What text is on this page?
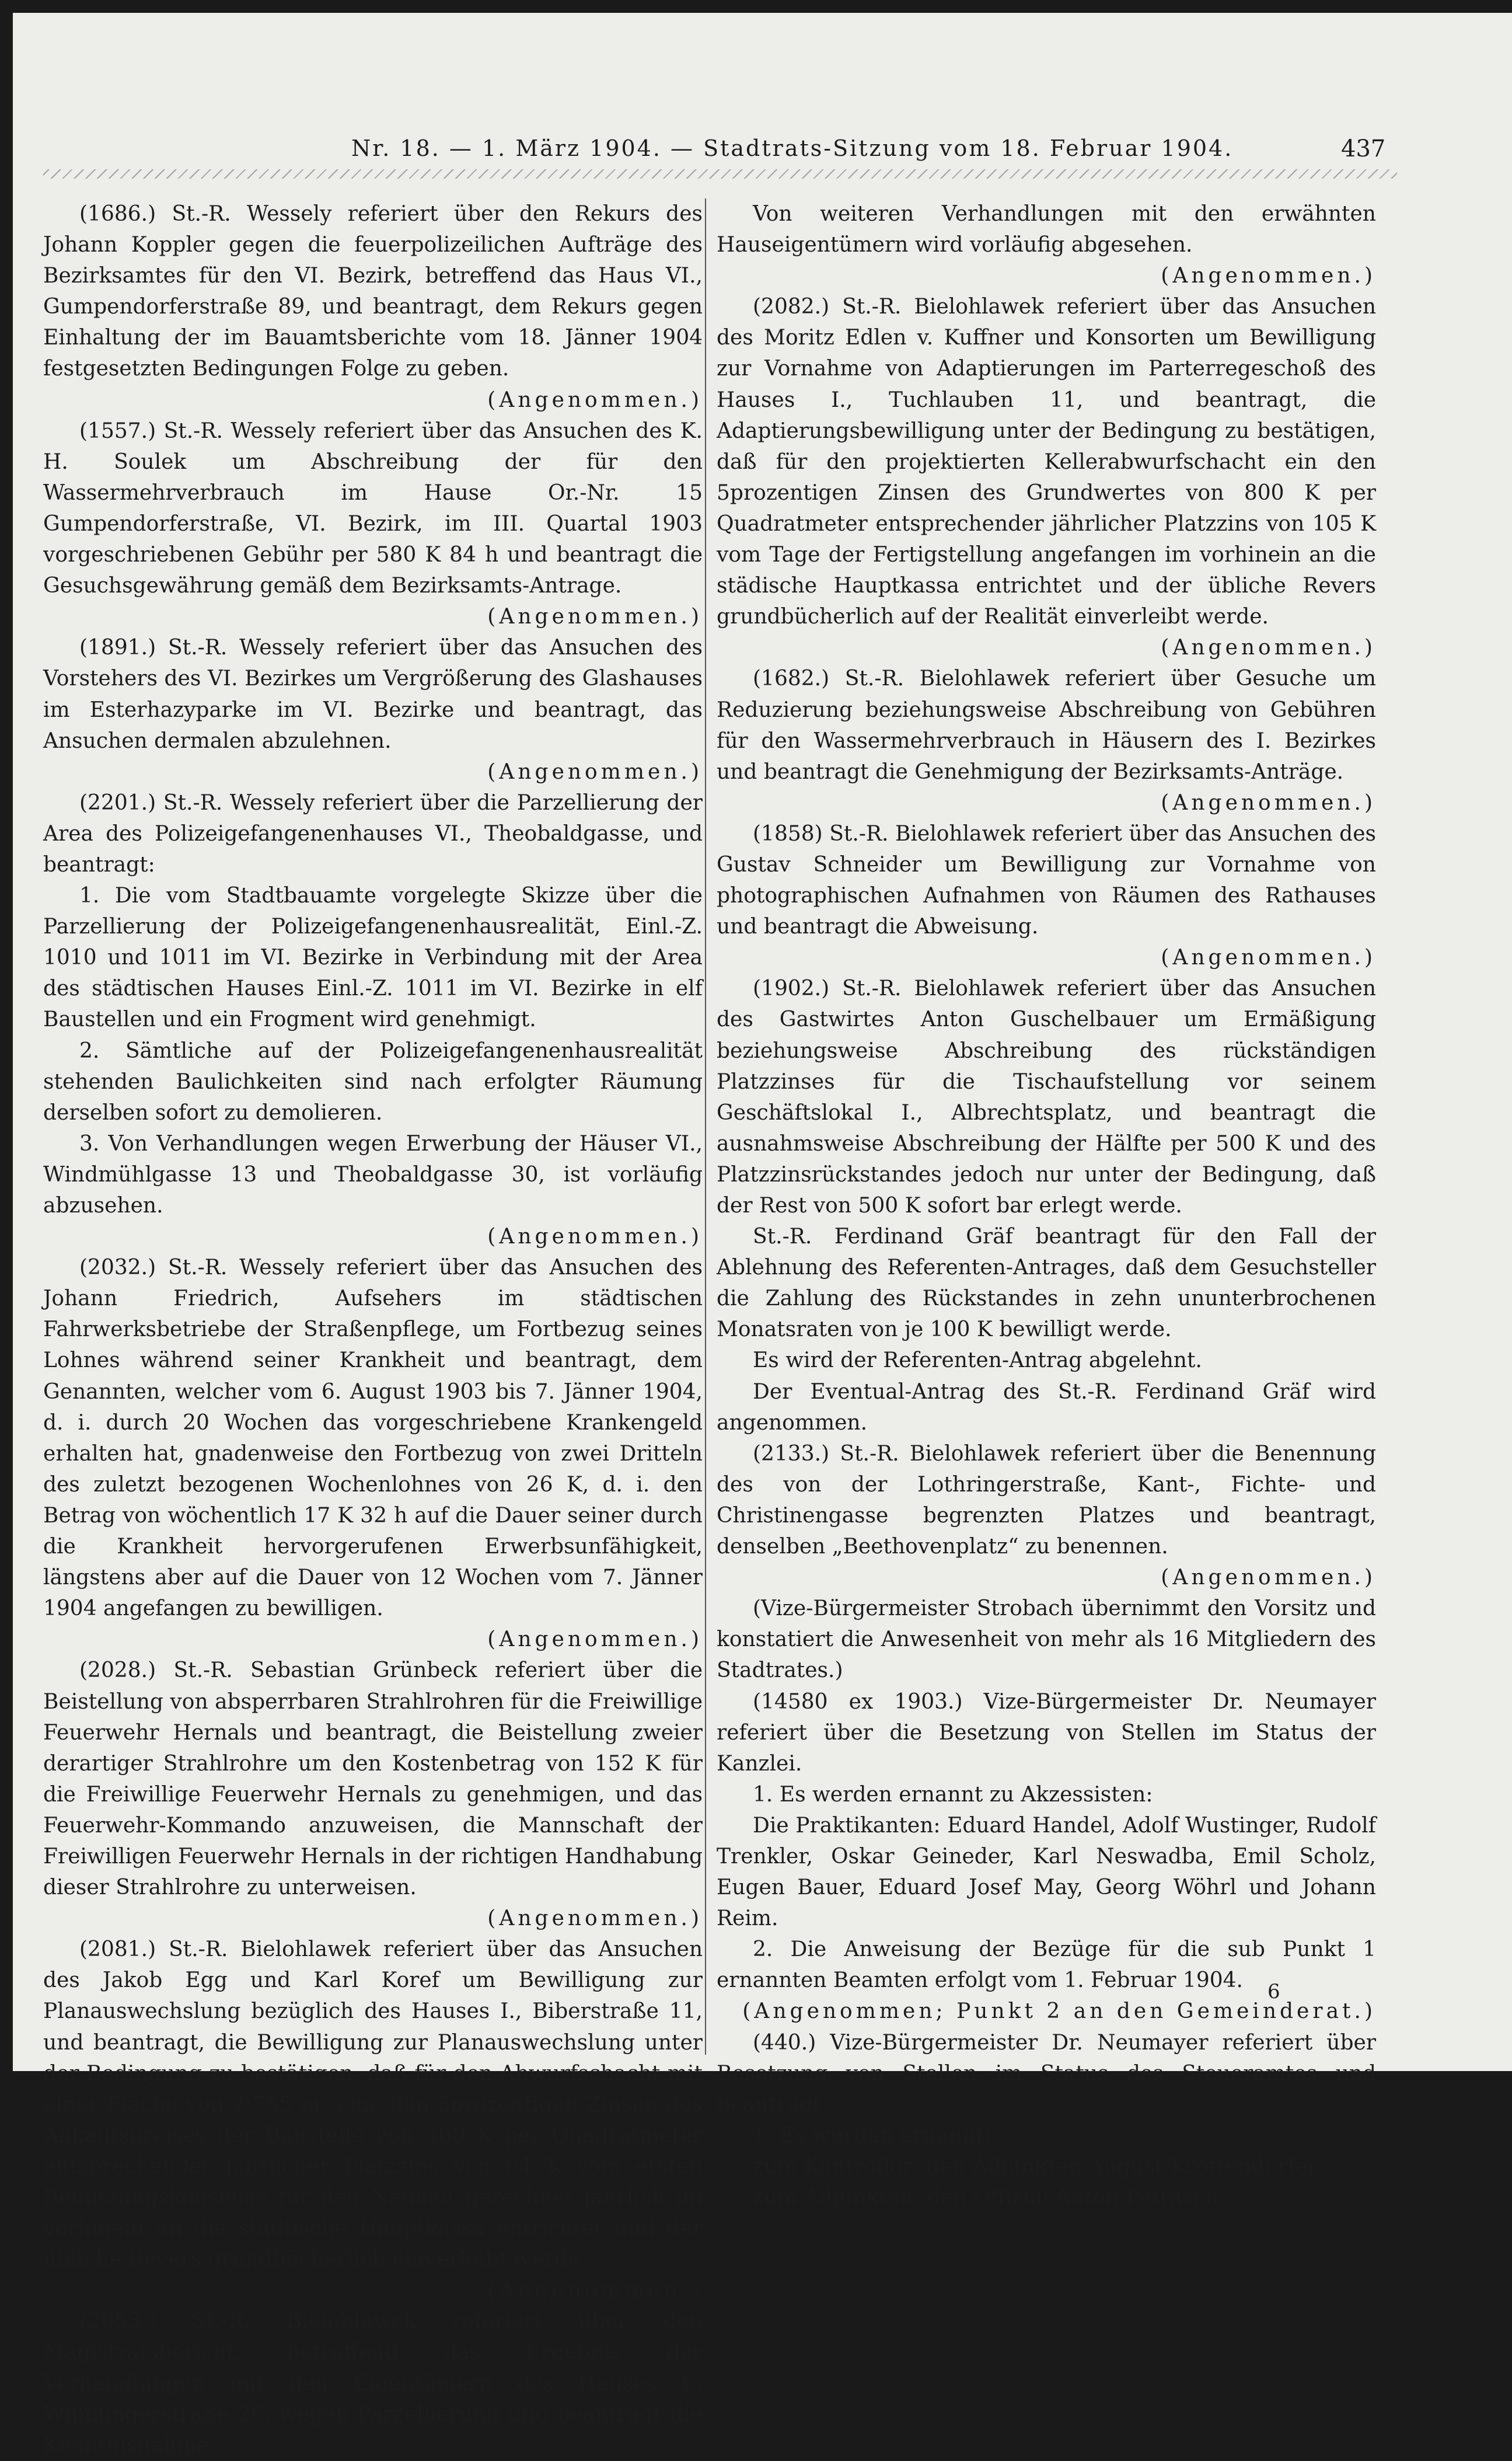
Nr. 18. — 1. März 1904. — Stadtrats-Sitzung vom 18. Februar 1904.	437

(1686.) St.-R. Wessely referiert über den Rekurs des Johann Koppler gegen die feuerpolizeilichen Aufträge des Bezirksamtes für den VI. Bezirk, betreffend das Haus VI., Gumpendorferstraße 89, und beantragt, dem Rekurs gegen Einhaltung der im Bauamtsberichte vom 18. Jänner 1904 festgesetzten Bedingungen Folge zu geben.

(Angenommen.)

(1557.) St.-R. Wessely referiert über das Ansuchen des K. H. Soulek um Abschreibung der für den Wassermehrverbrauch im Hause Or.-Nr. 15 Gumpendorferstraße, VI. Bezirk, im III. Quartal 1903 vorgeschriebenen Gebühr per 580 K 84 h und beantragt die Gesuchsgewährung gemäß dem Bezirksamts-Antrage.

(Angenommen.)

(1891.) St.-R. Wessely referiert über das Ansuchen des Vorstehers des VI. Bezirkes um Vergrößerung des Glashauses im Esterhazyparke im VI. Bezirke und beantragt, das Ansuchen dermalen abzulehnen.

(Angenommen.)

(2201.) St.-R. Wessely referiert über die Parzellierung der Area des Polizeigefangenenhauses VI., Theobaldgasse, und beantragt:

1. Die vom Stadtbauamte vorgelegte Skizze über die Parzellierung der Polizeigefangenenhausrealität, Einl.-Z. 1010 und 1011 im VI. Bezirke in Verbindung mit der Area des städtischen Hauses Einl.-Z. 1011 im VI. Bezirke in elf Baustellen und ein Frogment wird genehmigt.

2. Sämtliche auf der Polizeigefangenenhausrealität stehenden Baulichkeiten sind nach erfolgter Räumung derselben sofort zu demolieren.

3. Von Verhandlungen wegen Erwerbung der Häuser VI., Windmühlgasse 13 und Theobaldgasse 30, ist vorläufig abzusehen.

(Angenommen.)

(2032.) St.-R. Wessely referiert über das Ansuchen des Johann Friedrich, Aufsehers im städtischen Fahrwerksbetriebe der Straßenpflege, um Fortbezug seines Lohnes während seiner Krankheit und beantragt, dem Genannten, welcher vom 6. August 1903 bis 7. Jänner 1904, d. i. durch 20 Wochen das vorgeschriebene Krankengeld erhalten hat, gnadenweise den Fortbezug von zwei Dritteln des zuletzt bezogenen Wochenlohnes von 26 K, d. i. den Betrag von wöchentlich 17 K 32 h auf die Dauer seiner durch die Krankheit hervorgerufenen Erwerbsunfähigkeit, längstens aber auf die Dauer von 12 Wochen vom 7. Jänner 1904 angefangen zu bewilligen.

(Angenommen.)

(2028.) St.-R. Sebastian Grünbeck referiert über die Beistellung von absperrbaren Strahlrohren für die Freiwillige Feuerwehr Hernals und beantragt, die Beistellung zweier derartiger Strahlrohre um den Kostenbetrag von 152 K für die Freiwillige Feuerwehr Hernals zu genehmigen, und das Feuerwehr-Kommando anzuweisen, die Mannschaft der Freiwilligen Feuerwehr Hernals in der richtigen Handhabung dieser Strahlrohre zu unterweisen.

(Angenommen.)

(2081.) St.-R. Bielohlawek referiert über das Ansuchen des Jakob Egg und Karl Koref um Bewilligung zur Planauswechslung bezüglich des Hauses I., Biberstraße 11, und beantragt, die Bewilligung zur Planauswechslung unter der Bedingung zu bestätigen, daß für den Abwurfschacht mit einer Fläche von 2·755 m² eine den 5prozentigen Zinsen des Ankaufspreises der Baustelle von 460 K per Quadratmeter entsprechender jährlicher Platzzins von 64 K vom ersten Benützungskonsense für den Neubau gerechnet jährlich im vorhinein an die städtische Hauptkassa entrichtet und der übliche Revers grundbücherlich einverleibt werde.

(Angenommen.)

(2053.) St.-R. Bielohlawek referiert über den Magistratsbericht, betreffend das Ergebnis der Verhandlungen mit den Eigentümern des Hauses I., Wipplingerstraße 26, wegen Parzellierung und beantragt die Kenntnisnahme.

Von weiteren Verhandlungen mit den erwähnten Hauseigentümern wird vorläufig abgesehen.

(Angenommen.)

(2082.) St.-R. Bielohlawek referiert über das Ansuchen des Moritz Edlen v. Kuffner und Konsorten um Bewilligung zur Vornahme von Adaptierungen im Parterregeschoß des Hauses I., Tuchlauben 11, und beantragt, die Adaptierungsbewilligung unter der Bedingung zu bestätigen, daß für den projektierten Kellerabwurfschacht ein den 5prozentigen Zinsen des Grundwertes von 800 K per Quadratmeter entsprechender jährlicher Platzzins von 105 K vom Tage der Fertigstellung angefangen im vorhinein an die städische Hauptkassa entrichtet und der übliche Revers grundbücherlich auf der Realität einverleibt werde.

(Angenommen.)

(1682.) St.-R. Bielohlawek referiert über Gesuche um Reduzierung beziehungsweise Abschreibung von Gebühren für den Wassermehrverbrauch in Häusern des I. Bezirkes und beantragt die Genehmigung der Bezirksamts-Anträge.

(Angenommen.)

(1858) St.-R. Bielohlawek referiert über das Ansuchen des Gustav Schneider um Bewilligung zur Vornahme von photographischen Aufnahmen von Räumen des Rathauses und beantragt die Abweisung.

(Angenommen.)

(1902.) St.-R. Bielohlawek referiert über das Ansuchen des Gastwirtes Anton Guschelbauer um Ermäßigung beziehungsweise Abschreibung des rückständigen Platzzinses für die Tischaufstellung vor seinem Geschäftslokal I., Albrechtsplatz, und beantragt die ausnahmsweise Abschreibung der Hälfte per 500 K und des Platzzinsrückstandes jedoch nur unter der Bedingung, daß der Rest von 500 K sofort bar erlegt werde.

St.-R. Ferdinand Gräf beantragt für den Fall der Ablehnung des Referenten-Antrages, daß dem Gesuchsteller die Zahlung des Rückstandes in zehn ununterbrochenen Monatsraten von je 100 K bewilligt werde.

Es wird der Referenten-Antrag abgelehnt.

Der Eventual-Antrag des St.-R. Ferdinand Gräf wird angenommen.

(2133.) St.-R. Bielohlawek referiert über die Benennung des von der Lothringerstraße, Kant-, Fichte- und Christinengasse begrenzten Platzes und beantragt, denselben „Beethovenplatz“ zu benennen.

(Angenommen.)

(Vize-Bürgermeister Strobach übernimmt den Vorsitz und konstatiert die Anwesenheit von mehr als 16 Mitgliedern des Stadtrates.)

(14580 ex 1903.) Vize-Bürgermeister Dr. Neumayer referiert über die Besetzung von Stellen im Status der Kanzlei.

1. Es werden ernannt zu Akzessisten:

Die Praktikanten: Eduard Handel, Adolf Wustinger, Rudolf Trenkler, Oskar Geineder, Karl Neswadba, Emil Scholz, Eugen Bauer, Eduard Josef May, Georg Wöhrl und Johann Reim.

2. Die Anweisung der Bezüge für die sub Punkt 1 ernannten Beamten erfolgt vom 1. Februar 1904.

(Angenommen; Punkt 2 an den Gemeinderat.)

(440.) Vize-Bürgermeister Dr. Neumayer referiert über Besetzung von Stellen im Status des Steueramtes und beantragt:

1. Es wurden ernannt:

zum Kontrollor: den Adjunkten August Krottendorfer;

zum Adjunkten: den Offizial Anton Petrasch;

6
